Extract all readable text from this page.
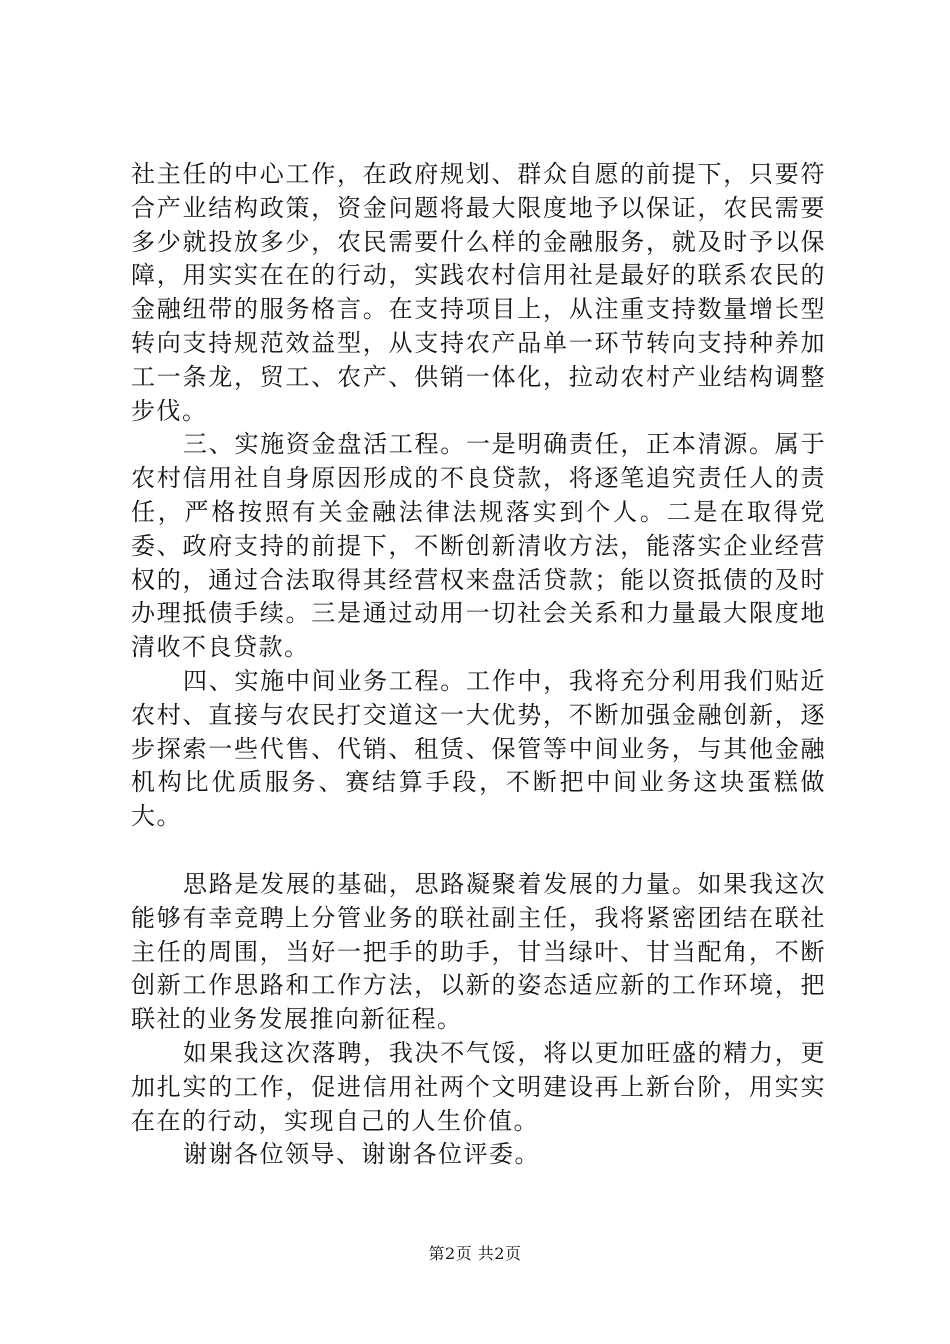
社主任的中心工作，在政府规划、群众自愿的前提下，只要符合产业结构政策，资金问题将最大限度地予以保证，农民需要多少就投放多少，农民需要什么样的金融服务，就及时予以保障，用实实在在的行动，实践农村信用社是最好的联系农民的金融纽带的服务格言。在支持项目上，从注重支持数量增长型转向支持规范效益型，从支持农产品单一环节转向支持种养加工一条龙，贸工、农产、供销一体化，拉动农村产业结构调整步伐。

三、实施资金盘活工程。一是明确责任，正本清源。属于农村信用社自身原因形成的不良贷款，将逐笔追究责任人的责任，严格按照有关金融法律法规落实到个人。二是在取得党委、政府支持的前提下，不断创新清收方法，能落实企业经营权的，通过合法取得其经营权来盘活贷款；能以资抵债的及时办理抵债手续。三是通过动用一切社会关系和力量最大限度地清收不良贷款。

四、实施中间业务工程。工作中，我将充分利用我们贴近农村、直接与农民打交道这一大优势，不断加强金融创新，逐步探索一些代售、代销、租赁、保管等中间业务，与其他金融机构比优质服务、赛结算手段，不断把中间业务这块蛋糕做大。

思路是发展的基础，思路凝聚着发展的力量。如果我这次能够有幸竞聘上分管业务的联社副主任，我将紧密团结在联社主任的周围，当好一把手的助手，甘当绿叶、甘当配角，不断创新工作思路和工作方法，以新的姿态适应新的工作环境，把联社的业务发展推向新征程。

如果我这次落聘，我决不气馁，将以更加旺盛的精力，更加扎实的工作，促进信用社两个文明建设再上新台阶，用实实在在的行动，实现自己的人生价值。

谢谢各位领导、谢谢各位评委。

第2页 共2页
